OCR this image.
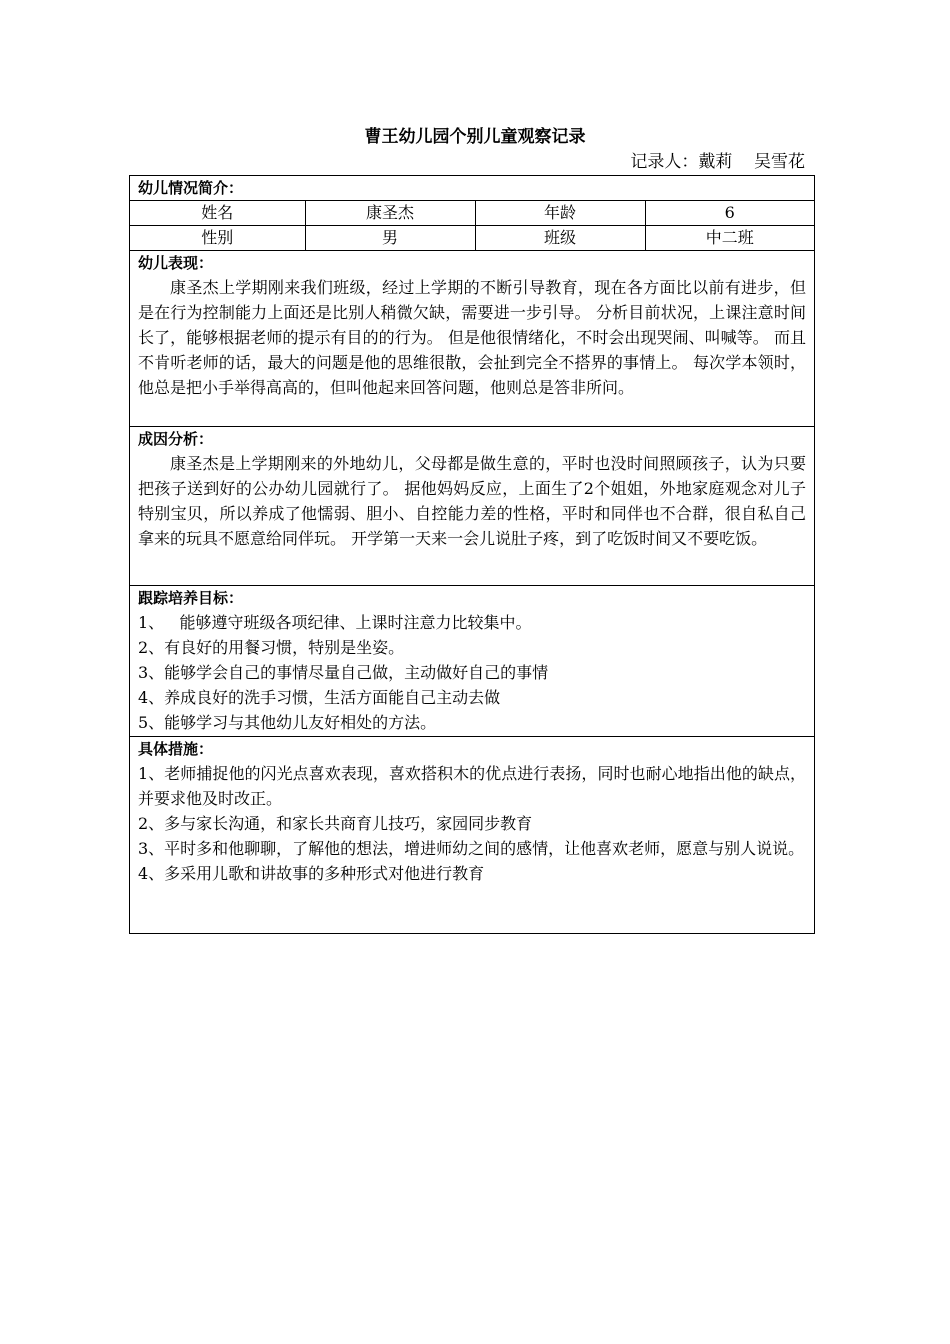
曹王幼儿园个别儿童观察记录
记录人：戴莉    吴雪花
幼儿情况简介：
姓名	康圣杰	年龄	6
性别	男	班级	中二班
幼儿表现：
康圣杰上学期刚来我们班级，经过上学期的不断引导教育，现在各方面比以前有进步，但是在行为控制能力上面还是比别人稍微欠缺，需要进一步引导。 分析目前状况，上课注意时间长了，能够根据老师的提示有目的的行为。 但是他很情绪化，不时会出现哭闹、叫喊等。 而且不肯听老师的话，最大的问题是他的思维很散，会扯到完全不搭界的事情上。 每次学本领时，他总是把小手举得高高的，但叫他起来回答问题，他则总是答非所问。
成因分析：
康圣杰是上学期刚来的外地幼儿，父母都是做生意的，平时也没时间照顾孩子，认为只要把孩子送到好的公办幼儿园就行了。 据他妈妈反应，上面生了2个姐姐，外地家庭观念对儿子特别宝贝，所以养成了他懦弱、胆小、自控能力差的性格，平时和同伴也不合群，很自私自己拿来的玩具不愿意给同伴玩。 开学第一天来一会儿说肚子疼，到了吃饭时间又不要吃饭。
跟踪培养目标：
1、   能够遵守班级各项纪律、上课时注意力比较集中。
2、有良好的用餐习惯，特别是坐姿。
3、能够学会自己的事情尽量自己做，主动做好自己的事情
4、养成良好的洗手习惯，生活方面能自己主动去做
5、能够学习与其他幼儿友好相处的方法。
具体措施：
1、老师捕捉他的闪光点喜欢表现，喜欢搭积木的优点进行表扬，同时也耐心地指出他的缺点，并要求他及时改正。
2、多与家长沟通，和家长共商育儿技巧，家园同步教育
3、平时多和他聊聊，了解他的想法，增进师幼之间的感情，让他喜欢老师，愿意与别人说说。
4、多采用儿歌和讲故事的多种形式对他进行教育
